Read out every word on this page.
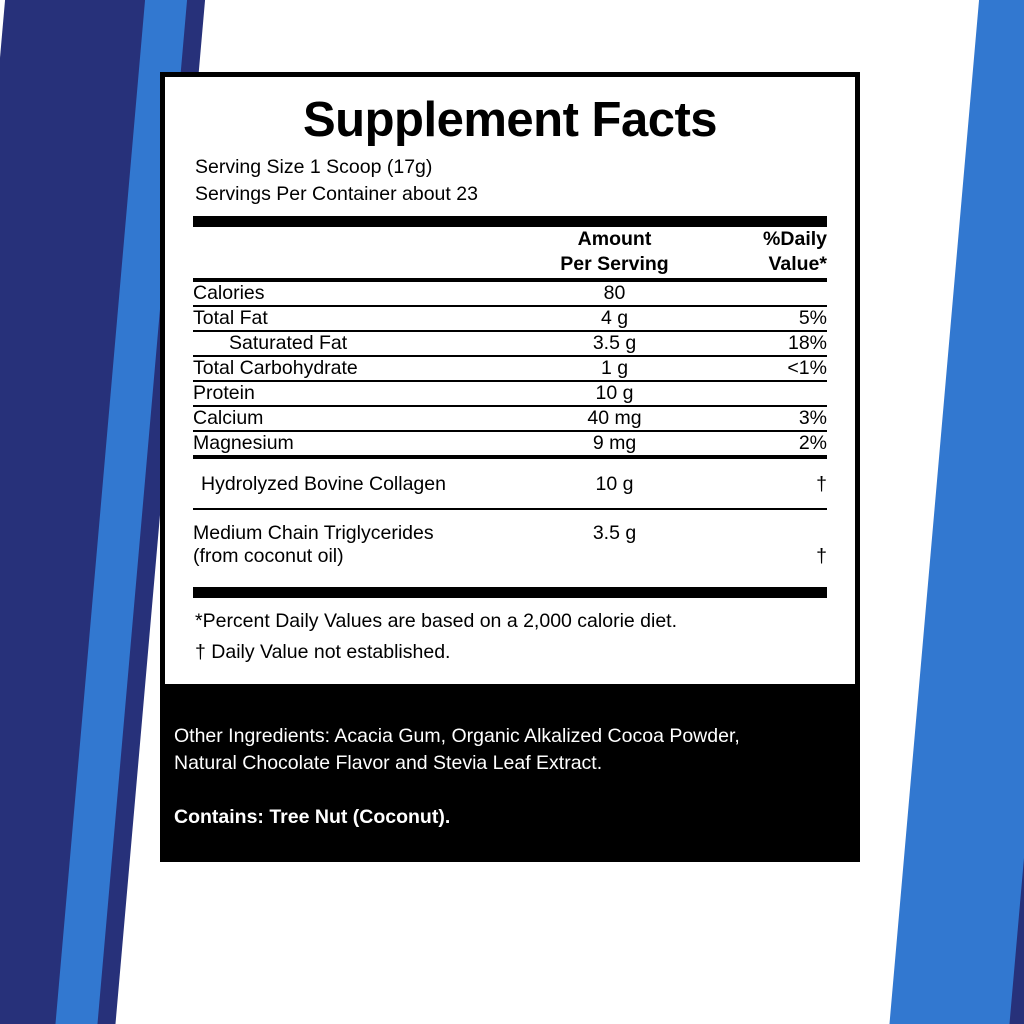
Supplement Facts
Serving Size 1 Scoop (17g)
Servings Per Container about 23

Amount
Per Serving

%Daily
Value*

Calories	80	

Total Fat	4 g	5%

Saturated Fat	3.5 g	18%

Total Carbohydrate	1 g	<1%

Protein	10 g	

Calcium	40 mg	3%

Magnesium	9 mg	2%

Hydrolyzed Bovine Collagen	10 g	†

Medium Chain Triglycerides
(from coconut oil)	3.5 g	†
*Percent Daily Values are based on a 2,000 calorie diet.
† Daily Value not established.
Other Ingredients: Acacia Gum, Organic Alkalized Cocoa Powder,
Natural Chocolate Flavor and Stevia Leaf Extract.
Contains: Tree Nut (Coconut).
